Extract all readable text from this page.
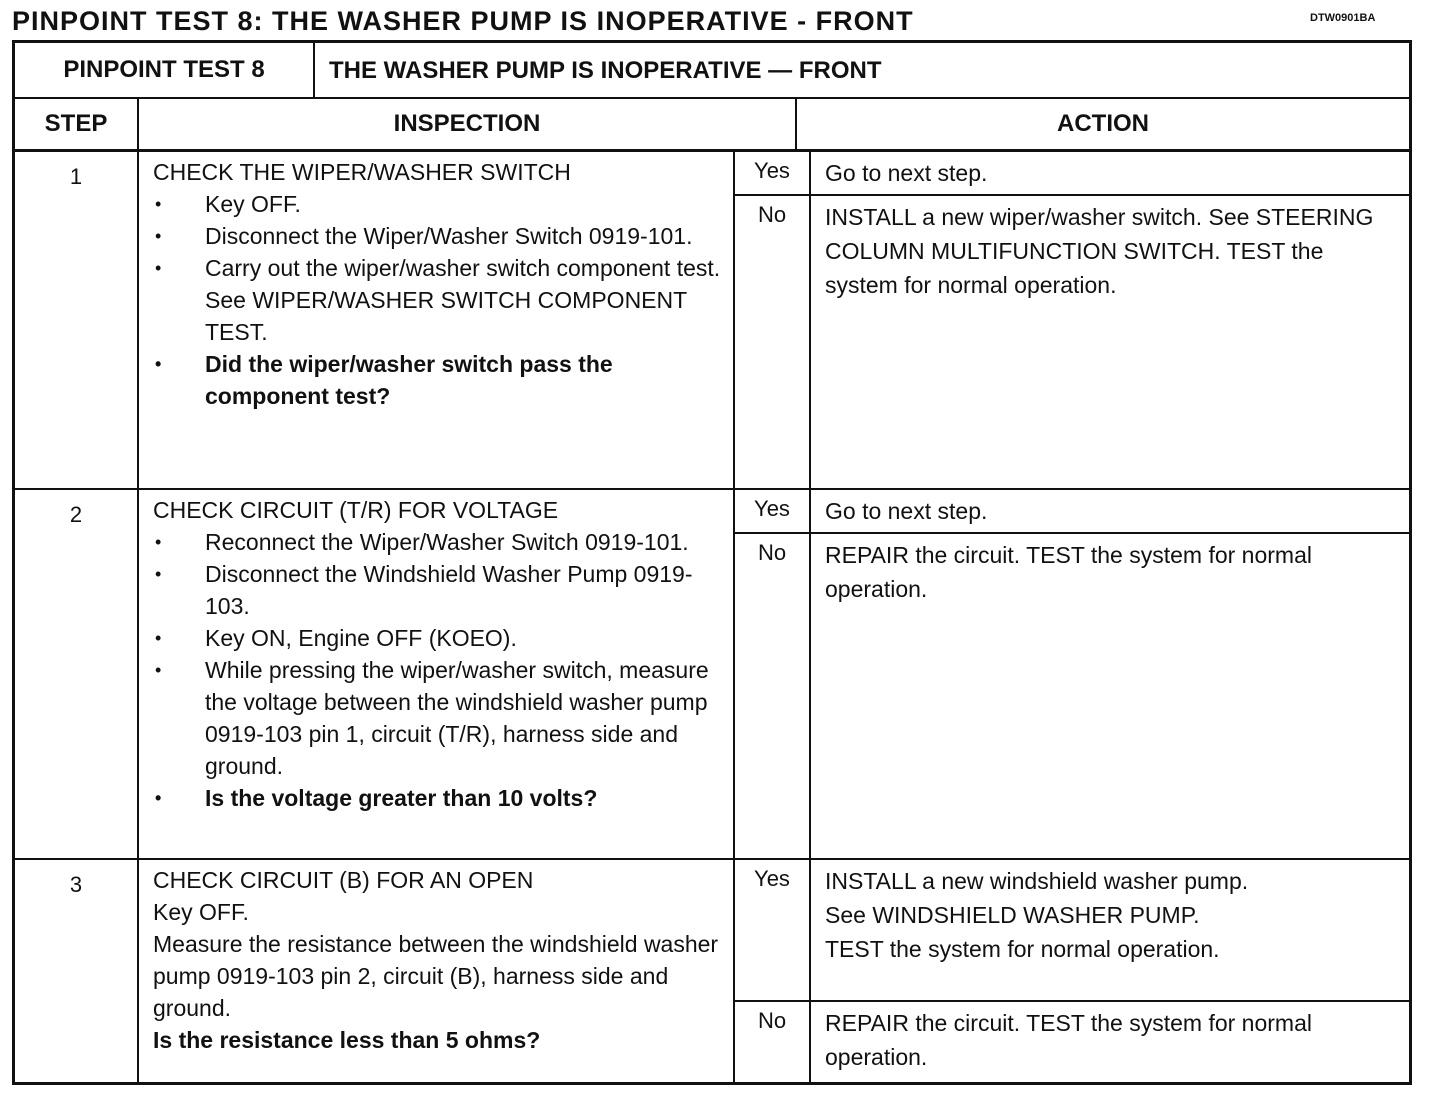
PINPOINT TEST 8: THE WASHER PUMP IS INOPERATIVE - FRONT	DTW0901BA
PINPOINT TEST 8	THE WASHER PUMP IS INOPERATIVE — FRONT
STEP	INSPECTION	ACTION
1	CHECK THE WIPER/WASHER SWITCH
•	Key OFF.
•	Disconnect the Wiper/Washer Switch 0919-101.
•	Carry out the wiper/washer switch component test. See WIPER/WASHER SWITCH COMPONENT TEST.
•	Did the wiper/washer switch pass the component test?
Yes	Go to next step.
No	INSTALL a new wiper/washer switch. See STEERING COLUMN MULTIFUNCTION SWITCH. TEST the system for normal operation.
2	CHECK CIRCUIT (T/R) FOR VOLTAGE
•	Reconnect the Wiper/Washer Switch 0919-101.
•	Disconnect the Windshield Washer Pump 0919-103.
•	Key ON, Engine OFF (KOEO).
•	While pressing the wiper/washer switch, measure the voltage between the windshield washer pump 0919-103 pin 1, circuit (T/R), harness side and ground.
•	Is the voltage greater than 10 volts?
Yes	Go to next step.
No	REPAIR the circuit. TEST the system for normal operation.
3	CHECK CIRCUIT (B) FOR AN OPEN
Key OFF.
Measure the resistance between the windshield washer pump 0919-103 pin 2, circuit (B), harness side and ground.
Is the resistance less than 5 ohms?
Yes	INSTALL a new windshield washer pump.
See WINDSHIELD WASHER PUMP.
TEST the system for normal operation.
No	REPAIR the circuit. TEST the system for normal operation.
